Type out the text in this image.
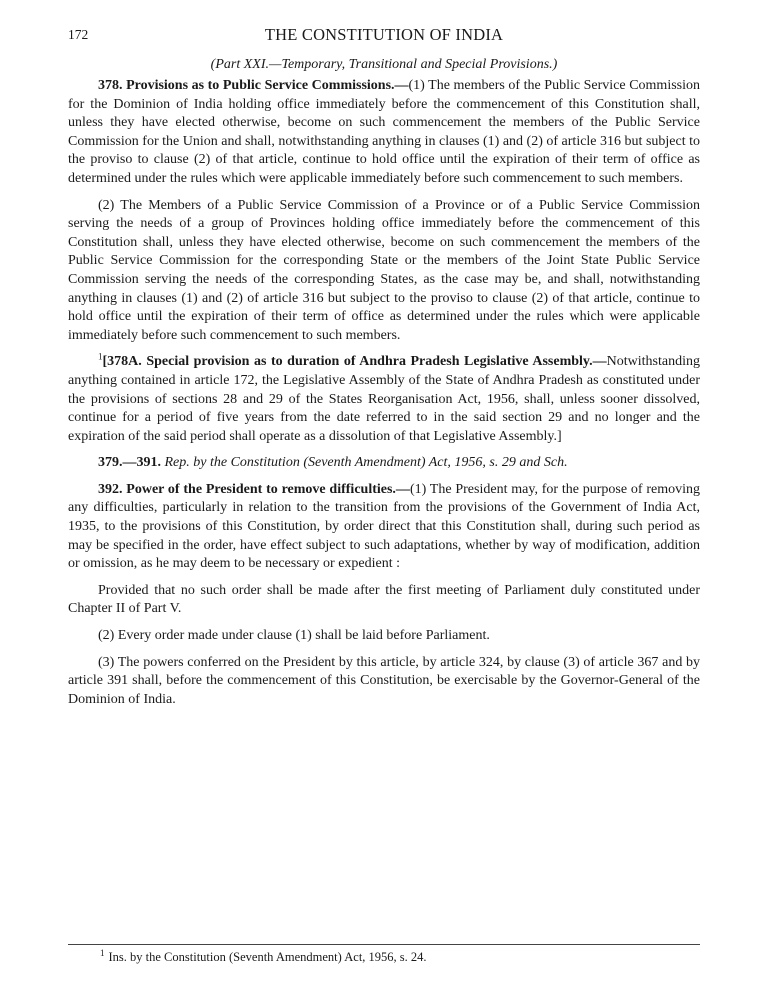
172	THE CONSTITUTION OF INDIA
(Part XXI.—Temporary, Transitional and Special Provisions.)

378. Provisions as to Public Service Commissions.—(1) The members of the Public Service Commission for the Dominion of India holding office immediately before the commencement of this Constitution shall, unless they have elected otherwise, become on such commencement the members of the Public Service Commission for the Union and shall, notwithstanding anything in clauses (1) and (2) of article 316 but subject to the proviso to clause (2) of that article, continue to hold office until the expiration of their term of office as determined under the rules which were applicable immediately before such commencement to such members.

(2) The Members of a Public Service Commission of a Province or of a Public Service Commission serving the needs of a group of Provinces holding office immediately before the commencement of this Constitution shall, unless they have elected otherwise, become on such commencement the members of the Public Service Commission for the corresponding State or the members of the Joint State Public Service Commission serving the needs of the corresponding States, as the case may be, and shall, notwithstanding anything in clauses (1) and (2) of article 316 but subject to the proviso to clause (2) of that article, continue to hold office until the expiration of their term of office as determined under the rules which were applicable immediately before such commencement to such members.

$^1$[378A. Special provision as to duration of Andhra Pradesh Legislative Assembly.—Notwithstanding anything contained in article 172, the Legislative Assembly of the State of Andhra Pradesh as constituted under the provisions of sections 28 and 29 of the States Reorganisation Act, 1956, shall, unless sooner dissolved, continue for a period of five years from the date referred to in the said section 29 and no longer and the expiration of the said period shall operate as a dissolution of that Legislative Assembly.]

379.—391. Rep. by the Constitution (Seventh Amendment) Act, 1956, s. 29 and Sch.

392. Power of the President to remove difficulties.—(1) The President may, for the purpose of removing any difficulties, particularly in relation to the transition from the provisions of the Government of India Act, 1935, to the provisions of this Constitution, by order direct that this Constitution shall, during such period as may be specified in the order, have effect subject to such adaptations, whether by way of modification, addition or omission, as he may deem to be necessary or expedient :

Provided that no such order shall be made after the first meeting of Parliament duly constituted under Chapter II of Part V.

(2) Every order made under clause (1) shall be laid before Parliament.

(3) The powers conferred on the President by this article, by article 324, by clause (3) of article 367 and by article 391 shall, before the commencement of this Constitution, be exercisable by the Governor-General of the Dominion of India.

$^1$ Ins. by the Constitution (Seventh Amendment) Act, 1956, s. 24.
